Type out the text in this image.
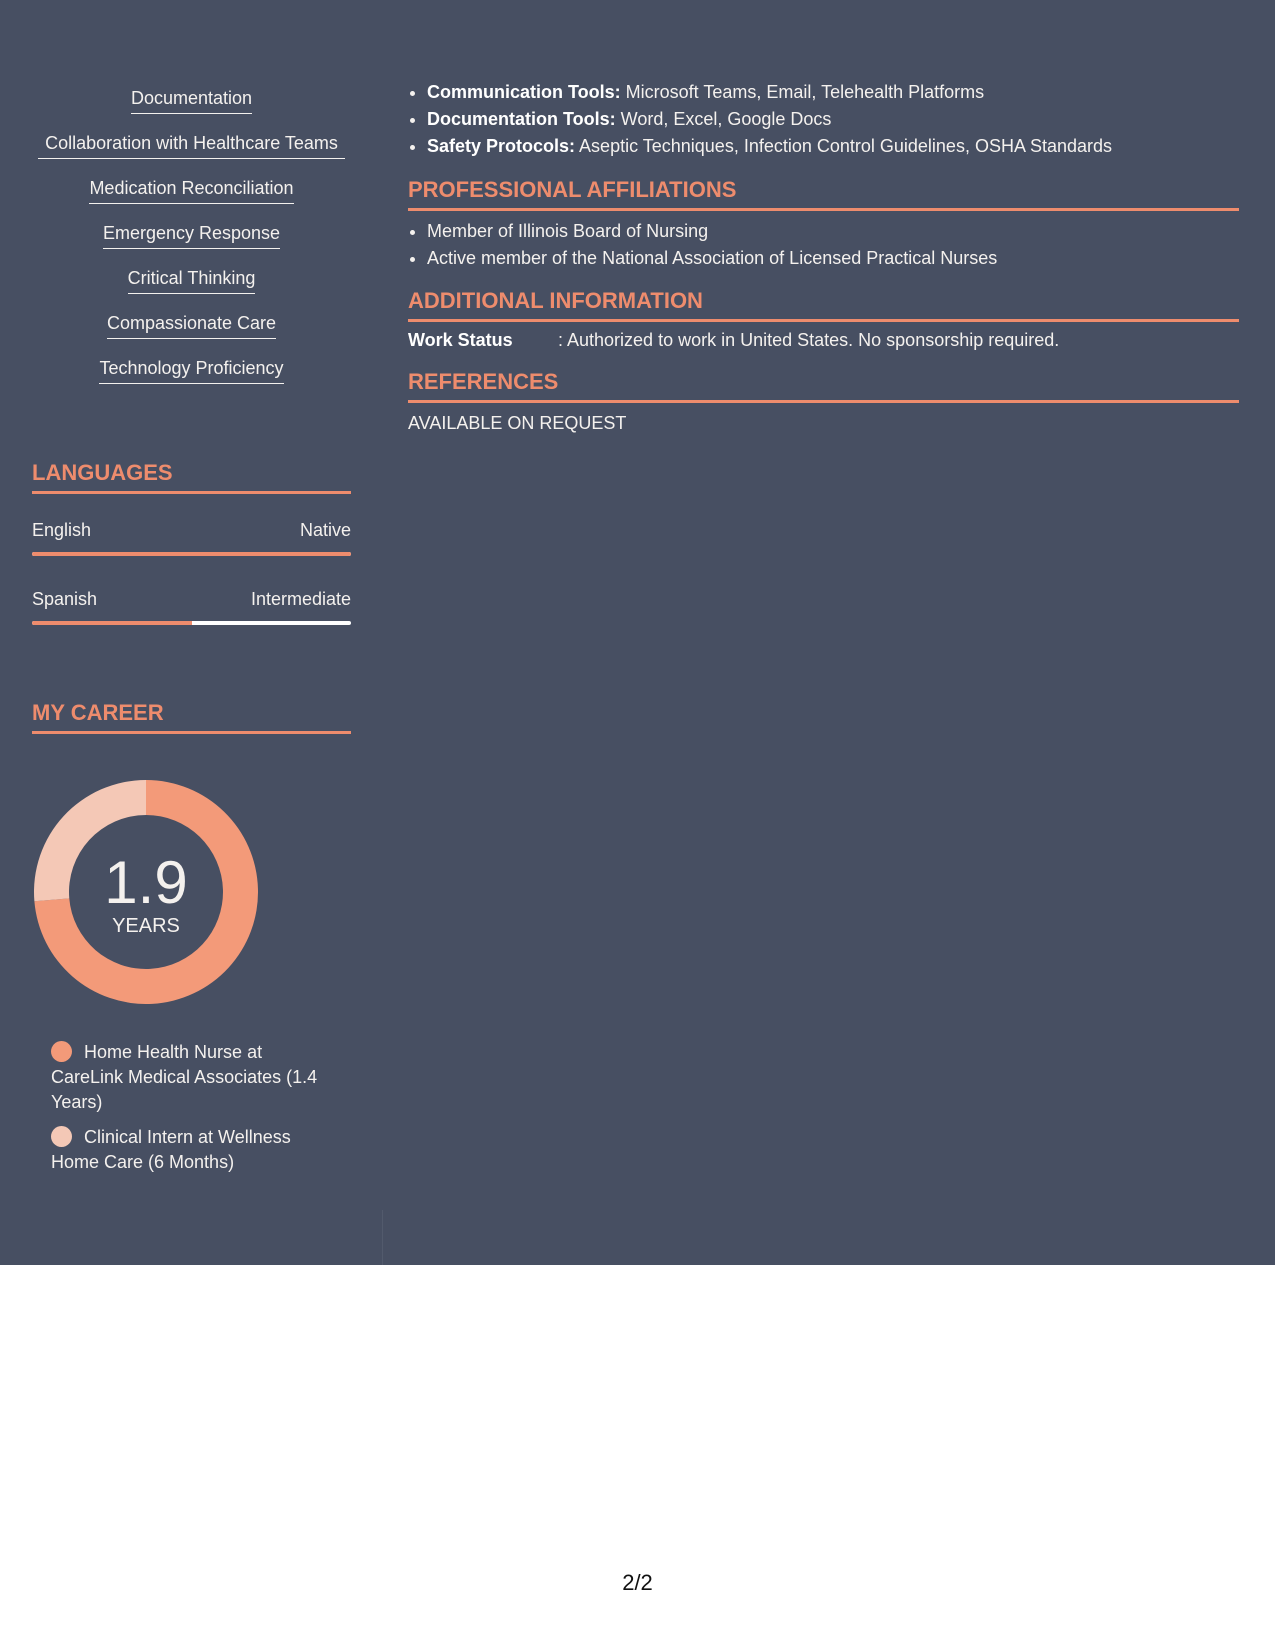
Documentation
Collaboration with Healthcare Teams
Medication Reconciliation
Emergency Response
Critical Thinking
Compassionate Care
Technology Proficiency
LANGUAGES
English	Native
Spanish	Intermediate
MY CAREER
1.9
YEARS
Home Health Nurse at CareLink Medical Associates (1.4 Years)
Clinical Intern at Wellness Home Care (6 Months)
• Communication Tools: Microsoft Teams, Email, Telehealth Platforms
• Documentation Tools: Word, Excel, Google Docs
• Safety Protocols: Aseptic Techniques, Infection Control Guidelines, OSHA Standards
PROFESSIONAL AFFILIATIONS
• Member of Illinois Board of Nursing
• Active member of the National Association of Licensed Practical Nurses
ADDITIONAL INFORMATION
Work Status	: Authorized to work in United States. No sponsorship required.
REFERENCES
AVAILABLE ON REQUEST
2/2
